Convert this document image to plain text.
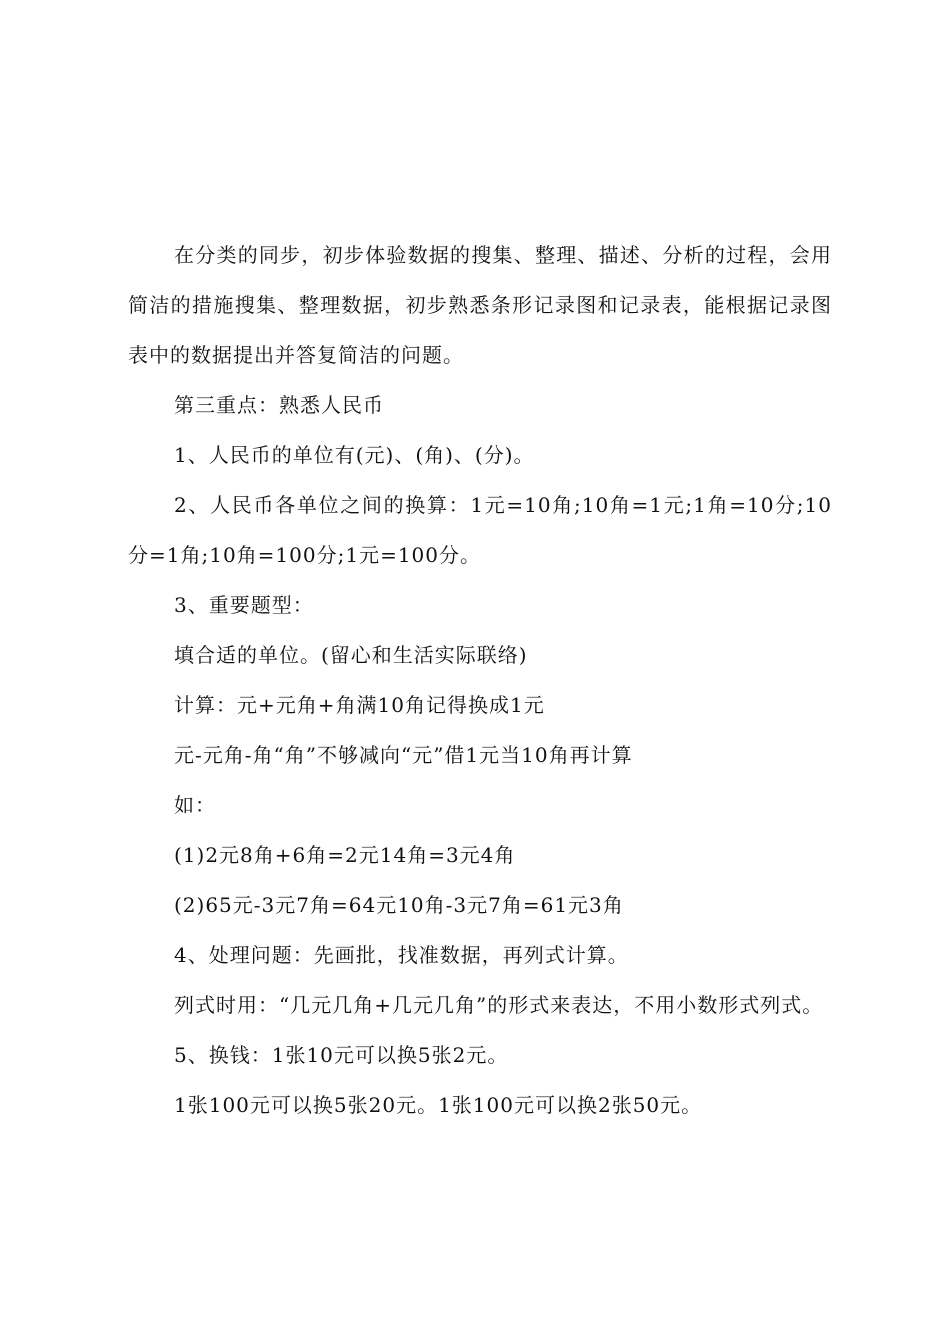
在分类的同步，初步体验数据的搜集、整理、描述、分析的过程，会用简洁的措施搜集、整理数据，初步熟悉条形记录图和记录表，能根据记录图表中的数据提出并答复简洁的问题。

第三重点：熟悉人民币

1、人民币的单位有(元)、(角)、(分)。

2、人民币各单位之间的换算：1元=10角;10角=1元;1角=10分;10分=1角;10角=100分;1元=100分。

3、重要题型：

填合适的单位。(留心和生活实际联络)

计算：元+元角+角满10角记得换成1元

元-元角-角“角”不够减向“元”借1元当10角再计算

如：

(1)2元8角+6角=2元14角=3元4角

(2)65元-3元7角=64元10角-3元7角=61元3角

4、处理问题：先画批，找准数据，再列式计算。

列式时用：“几元几角+几元几角”的形式来表达，不用小数形式列式。

5、换钱：1张10元可以换5张2元。

1张100元可以换5张20元。1张100元可以换2张50元。
